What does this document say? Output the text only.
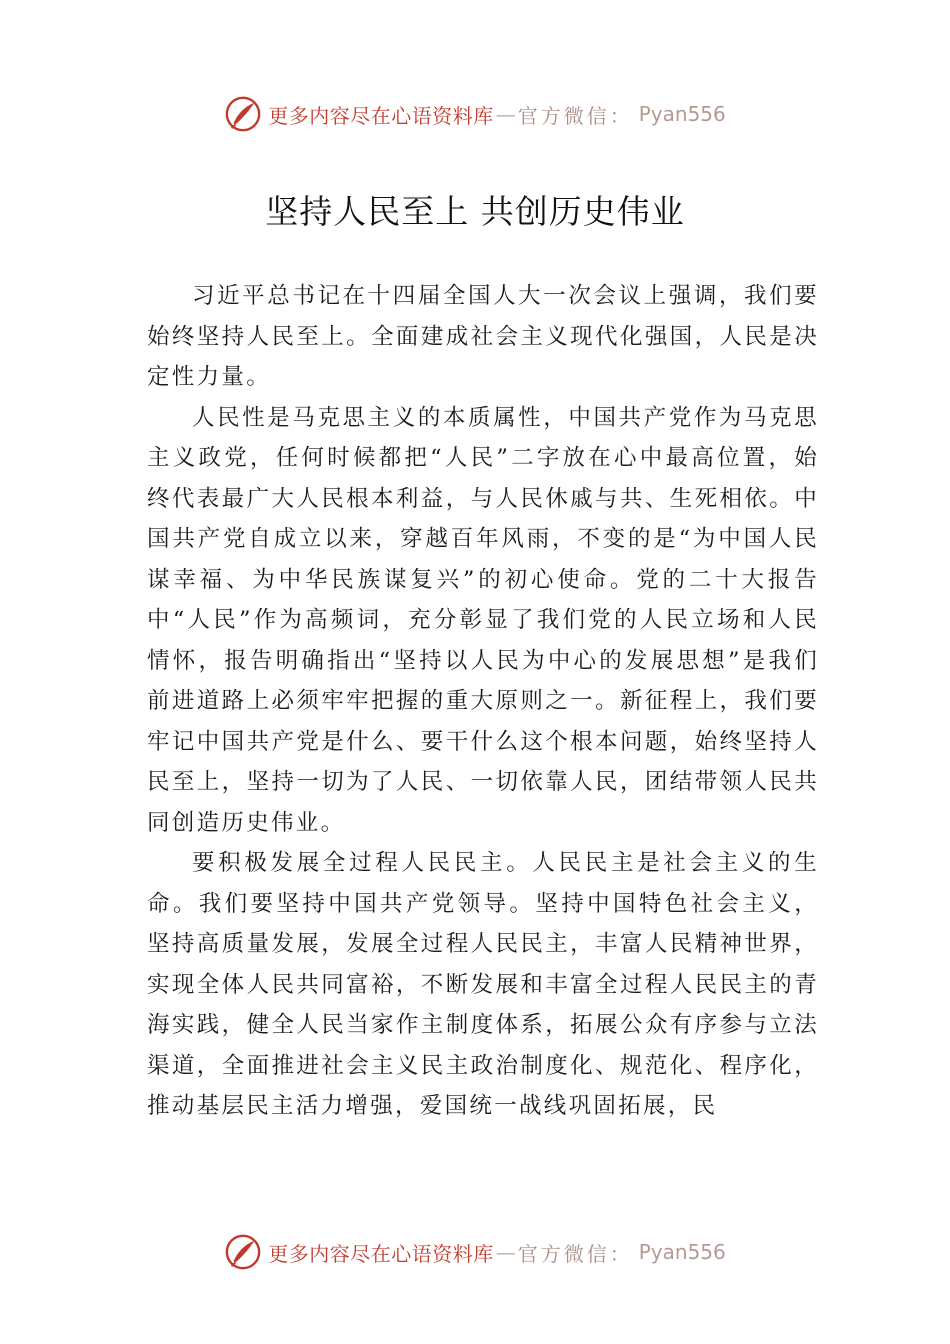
更多内容尽在心语资料库 — 官方微信： Pyan556
坚持人民至上 共创历史伟业

习近平总书记在十四届全国人大一次会议上强调，我们要始终坚持人民至上。全面建成社会主义现代化强国，人民是决定性力量。

人民性是马克思主义的本质属性，中国共产党作为马克思主义政党，任何时候都把“人民”二字放在心中最高位置，始终代表最广大人民根本利益，与人民休戚与共、生死相依。中国共产党自成立以来，穿越百年风雨，不变的是“为中国人民谋幸福、为中华民族谋复兴”的初心使命。党的二十大报告中“人民”作为高频词，充分彰显了我们党的人民立场和人民情怀，报告明确指出“坚持以人民为中心的发展思想”是我们前进道路上必须牢牢把握的重大原则之一。新征程上，我们要牢记中国共产党是什么、要干什么这个根本问题，始终坚持人民至上，坚持一切为了人民、一切依靠人民，团结带领人民共同创造历史伟业。

要积极发展全过程人民民主。人民民主是社会主义的生命。我们要坚持中国共产党领导。坚持中国特色社会主义， 坚持高质量发展，发展全过程人民民主，丰富人民精神世界， 实现全体人民共同富裕，不断发展和丰富全过程人民民主的青海实践，健全人民当家作主制度体系，拓展公众有序参与立法渠道，全面推进社会主义民主政治制度化、规范化、程序化，推动基层民主活力增强，爱国统一战线巩固拓展，民

更多内容尽在心语资料库 — 官方微信： Pyan556
